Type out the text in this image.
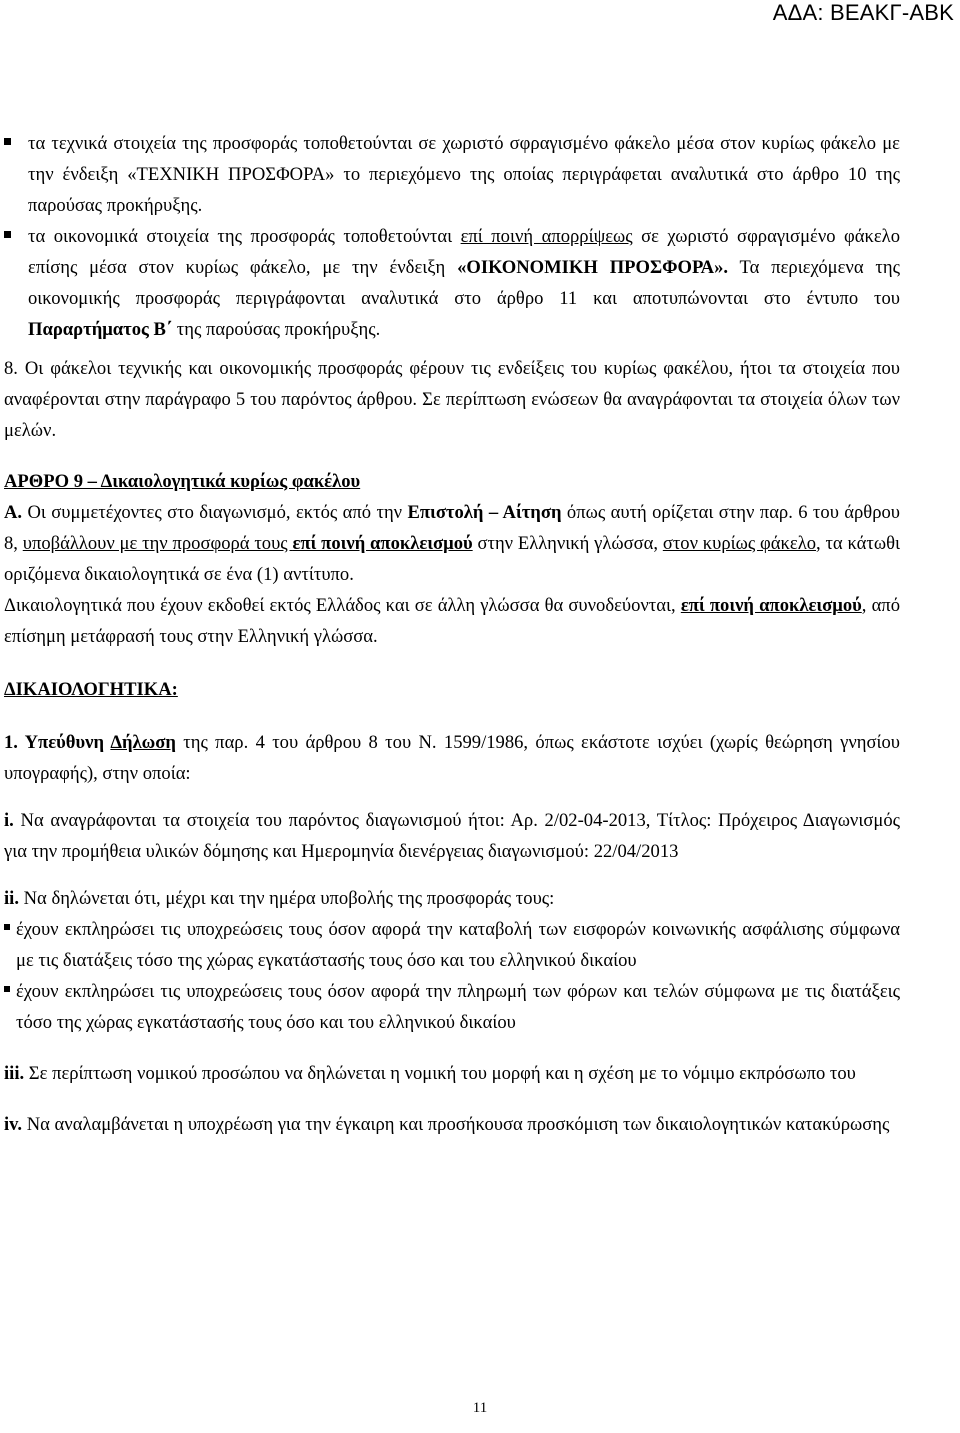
ΑΔΑ: ΒΕΑΚΓ-ΑΒΚ

τα τεχνικά στοιχεία της προσφοράς τοποθετούνται σε χωριστό σφραγισμένο φάκελο μέσα στον κυρίως φάκελο με την ένδειξη «ΤΕΧΝΙΚΗ ΠΡΟΣΦΟΡΑ» το περιεχόμενο της οποίας περιγράφεται αναλυτικά στο άρθρο 10 της παρούσας προκήρυξης.

τα οικονομικά στοιχεία της προσφοράς τοποθετούνται επί ποινή απορρίψεως σε χωριστό σφραγισμένο φάκελο επίσης μέσα στον κυρίως φάκελο, με την ένδειξη «ΟΙΚΟΝΟΜΙΚΗ ΠΡΟΣΦΟΡΑ». Τα περιεχόμενα της οικονομικής προσφοράς περιγράφονται αναλυτικά στο άρθρο 11 και αποτυπώνονται στο έντυπο του Παραρτήματος Β΄ της παρούσας προκήρυξης.

8. Οι φάκελοι τεχνικής και οικονομικής προσφοράς φέρουν τις ενδείξεις του κυρίως φακέλου, ήτοι τα στοιχεία που αναφέρονται στην παράγραφο 5 του παρόντος άρθρου. Σε περίπτωση ενώσεων θα αναγράφονται τα στοιχεία όλων των μελών.

ΑΡΘΡΟ 9 – Δικαιολογητικά κυρίως φακέλου

Α. Οι συμμετέχοντες στο διαγωνισμό, εκτός από την Επιστολή – Αίτηση όπως αυτή ορίζεται στην παρ. 6 του άρθρου 8, υποβάλλουν με την προσφορά τους επί ποινή αποκλεισμού στην Ελληνική γλώσσα, στον κυρίως φάκελο, τα κάτωθι οριζόμενα δικαιολογητικά σε ένα (1) αντίτυπο.

Δικαιολογητικά που έχουν εκδοθεί εκτός Ελλάδος και σε άλλη γλώσσα θα συνοδεύονται, επί ποινή αποκλεισμού, από επίσημη μετάφρασή τους στην Ελληνική γλώσσα.

ΔΙΚΑΙΟΛΟΓΗΤΙΚΑ:

1. Υπεύθυνη Δήλωση της παρ. 4 του άρθρου 8 του Ν. 1599/1986, όπως εκάστοτε ισχύει (χωρίς θεώρηση γνησίου υπογραφής), στην οποία:

i. Να αναγράφονται τα στοιχεία του παρόντος διαγωνισμού ήτοι: Αρ. 2/02-04-2013, Τίτλος: Πρόχειρος Διαγωνισμός για την προμήθεια υλικών δόμησης και Ημερομηνία διενέργειας διαγωνισμού: 22/04/2013

ii. Να δηλώνεται ότι, μέχρι και την ημέρα υποβολής της προσφοράς τους:

έχουν εκπληρώσει τις υποχρεώσεις τους όσον αφορά την καταβολή των εισφορών κοινωνικής ασφάλισης σύμφωνα με τις διατάξεις τόσο της χώρας εγκατάστασής τους όσο και του ελληνικού δικαίου

έχουν εκπληρώσει τις υποχρεώσεις τους όσον αφορά την πληρωμή των φόρων και τελών σύμφωνα με τις διατάξεις τόσο της χώρας εγκατάστασής τους όσο και του ελληνικού δικαίου

iii. Σε περίπτωση νομικού προσώπου να δηλώνεται η νομική του μορφή και η σχέση με το νόμιμο εκπρόσωπο του

iv. Να αναλαμβάνεται η υποχρέωση για την έγκαιρη και προσήκουσα προσκόμιση των δικαιολογητικών κατακύρωσης

11
